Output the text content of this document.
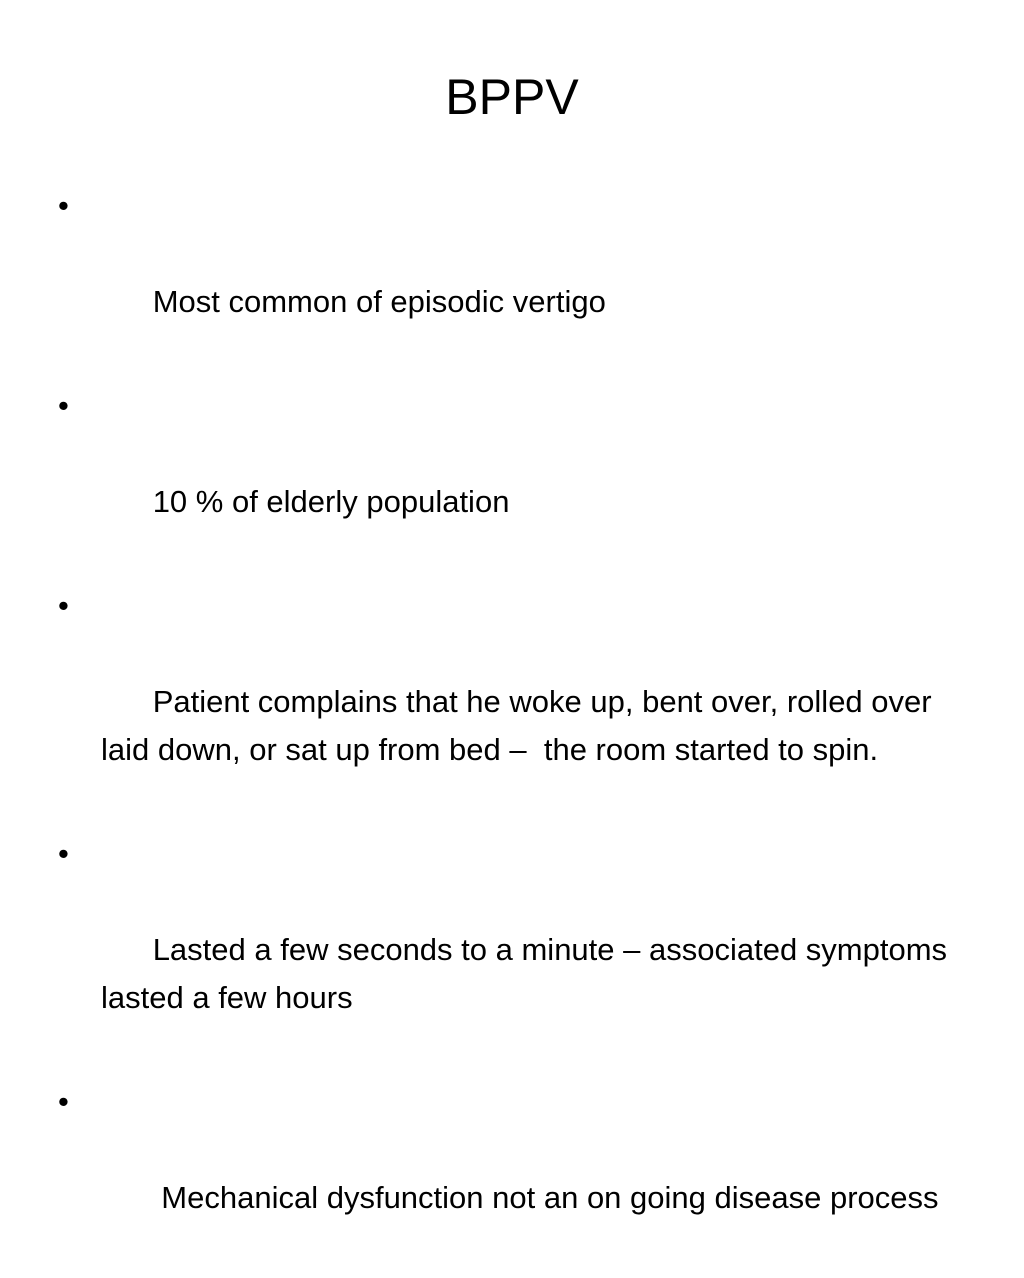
BPPV

•

Most common of episodic vertigo

•

10 % of elderly population

•

Patient complains that he woke up, bent over, rolled over laid down, or sat up from bed –  the room started to spin.

•

Lasted a few seconds to a minute – associated symptoms lasted a few hours

•

Mechanical dysfunction not an on going disease process
